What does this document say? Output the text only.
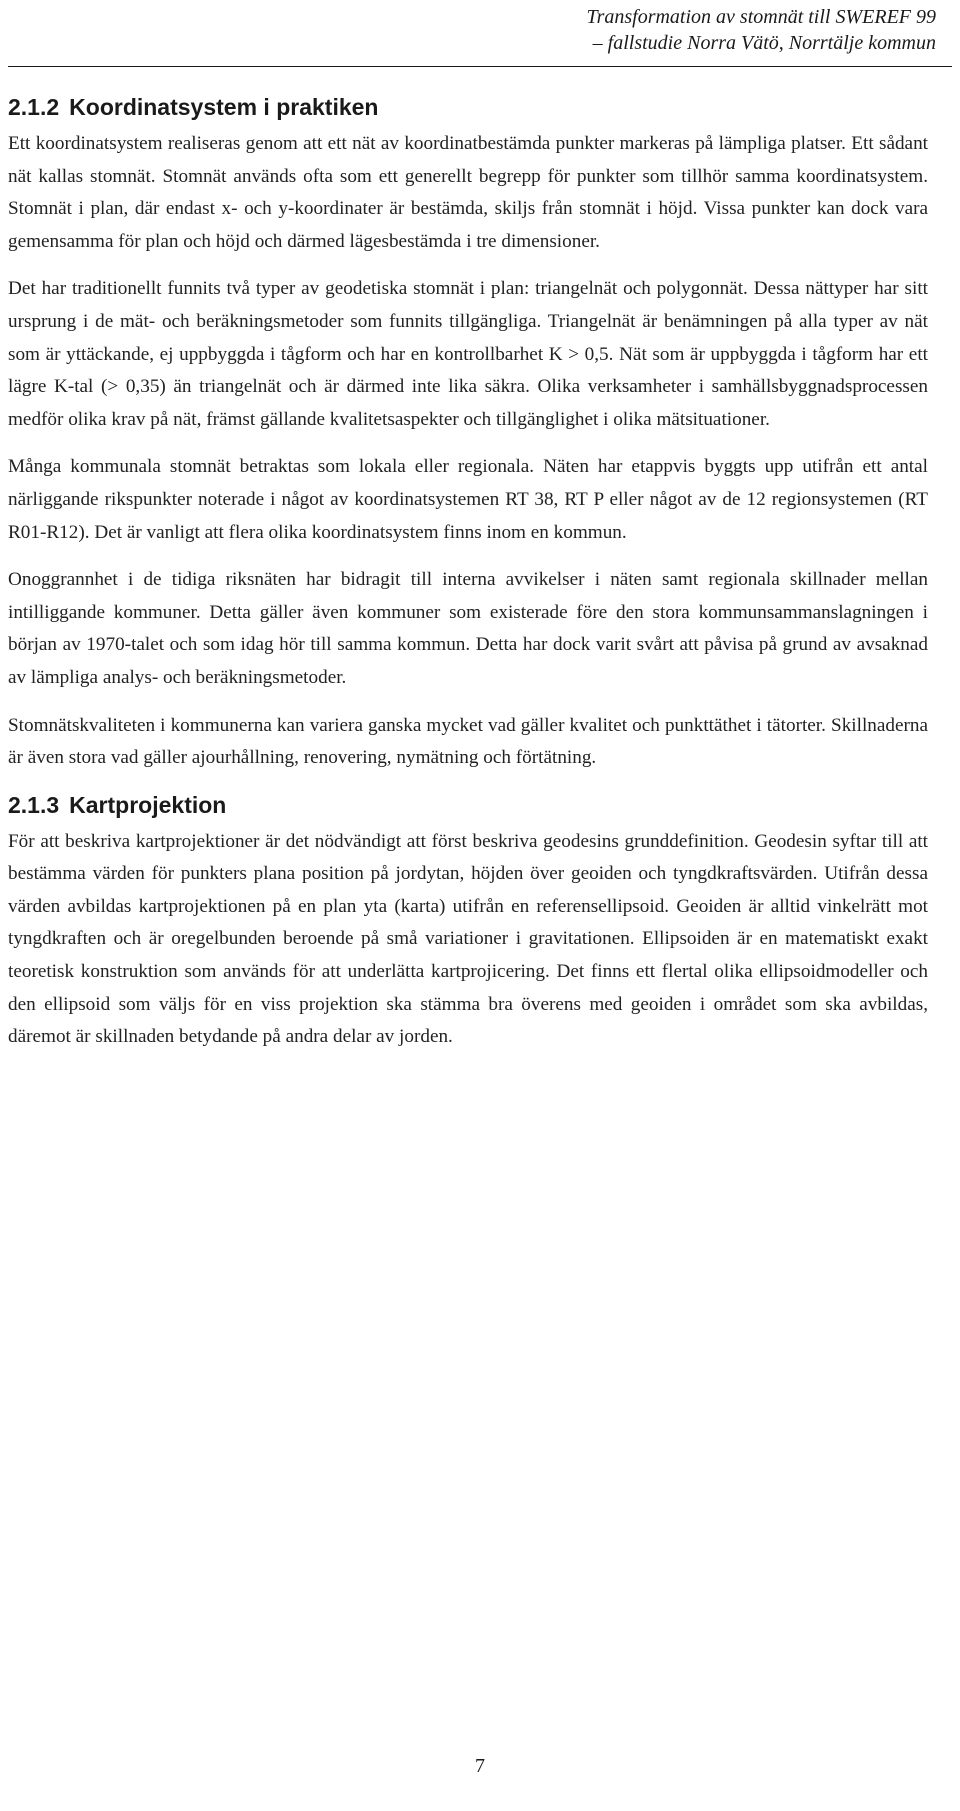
Transformation av stomnät till SWEREF 99
– fallstudie Norra Vätö, Norrtälje kommun
2.1.2 Koordinatsystem i praktiken

Ett koordinatsystem realiseras genom att ett nät av koordinatbestämda punkter markeras på lämpliga platser. Ett sådant nät kallas stomnät. Stomnät används ofta som ett generellt begrepp för punkter som tillhör samma koordinatsystem. Stomnät i plan, där endast x- och y-koordinater är bestämda, skiljs från stomnät i höjd. Vissa punkter kan dock vara gemensamma för plan och höjd och därmed lägesbestämda i tre dimensioner.

Det har traditionellt funnits två typer av geodetiska stomnät i plan: triangelnät och polygonnät. Dessa nättyper har sitt ursprung i de mät- och beräkningsmetoder som funnits tillgängliga. Triangelnät är benämningen på alla typer av nät som är yttäckande, ej uppbyggda i tågform och har en kontrollbarhet K > 0,5. Nät som är uppbyggda i tågform har ett lägre K-tal (> 0,35) än triangelnät och är därmed inte lika säkra. Olika verksamheter i samhällsbyggnadsprocessen medför olika krav på nät, främst gällande kvalitetsaspekter och tillgänglighet i olika mätsituationer.

Många kommunala stomnät betraktas som lokala eller regionala. Näten har etappvis byggts upp utifrån ett antal närliggande rikspunkter noterade i något av koordinatsystemen RT 38, RT P eller något av de 12 regionsystemen (RT R01-R12). Det är vanligt att flera olika koordinatsystem finns inom en kommun.

Onoggrannhet i de tidiga riksnäten har bidragit till interna avvikelser i näten samt regionala skillnader mellan intilliggande kommuner. Detta gäller även kommuner som existerade före den stora kommunsammanslagningen i början av 1970-talet och som idag hör till samma kommun. Detta har dock varit svårt att påvisa på grund av avsaknad av lämpliga analys- och beräkningsmetoder.

Stomnätskvaliteten i kommunerna kan variera ganska mycket vad gäller kvalitet och punkttäthet i tätorter. Skillnaderna är även stora vad gäller ajourhållning, renovering, nymätning och förtätning.

2.1.3 Kartprojektion

För att beskriva kartprojektioner är det nödvändigt att först beskriva geodesins grunddefinition. Geodesin syftar till att bestämma värden för punkters plana position på jordytan, höjden över geoiden och tyngdkraftsvärden. Utifrån dessa värden avbildas kartprojektionen på en plan yta (karta) utifrån en referensellipsoid. Geoiden är alltid vinkelrätt mot tyngdkraften och är oregelbunden beroende på små variationer i gravitationen. Ellipsoiden är en matematiskt exakt teoretisk konstruktion som används för att underlätta kartprojicering. Det finns ett flertal olika ellipsoidmodeller och den ellipsoid som väljs för en viss projektion ska stämma bra överens med geoiden i området som ska avbildas, däremot är skillnaden betydande på andra delar av jorden.

7
